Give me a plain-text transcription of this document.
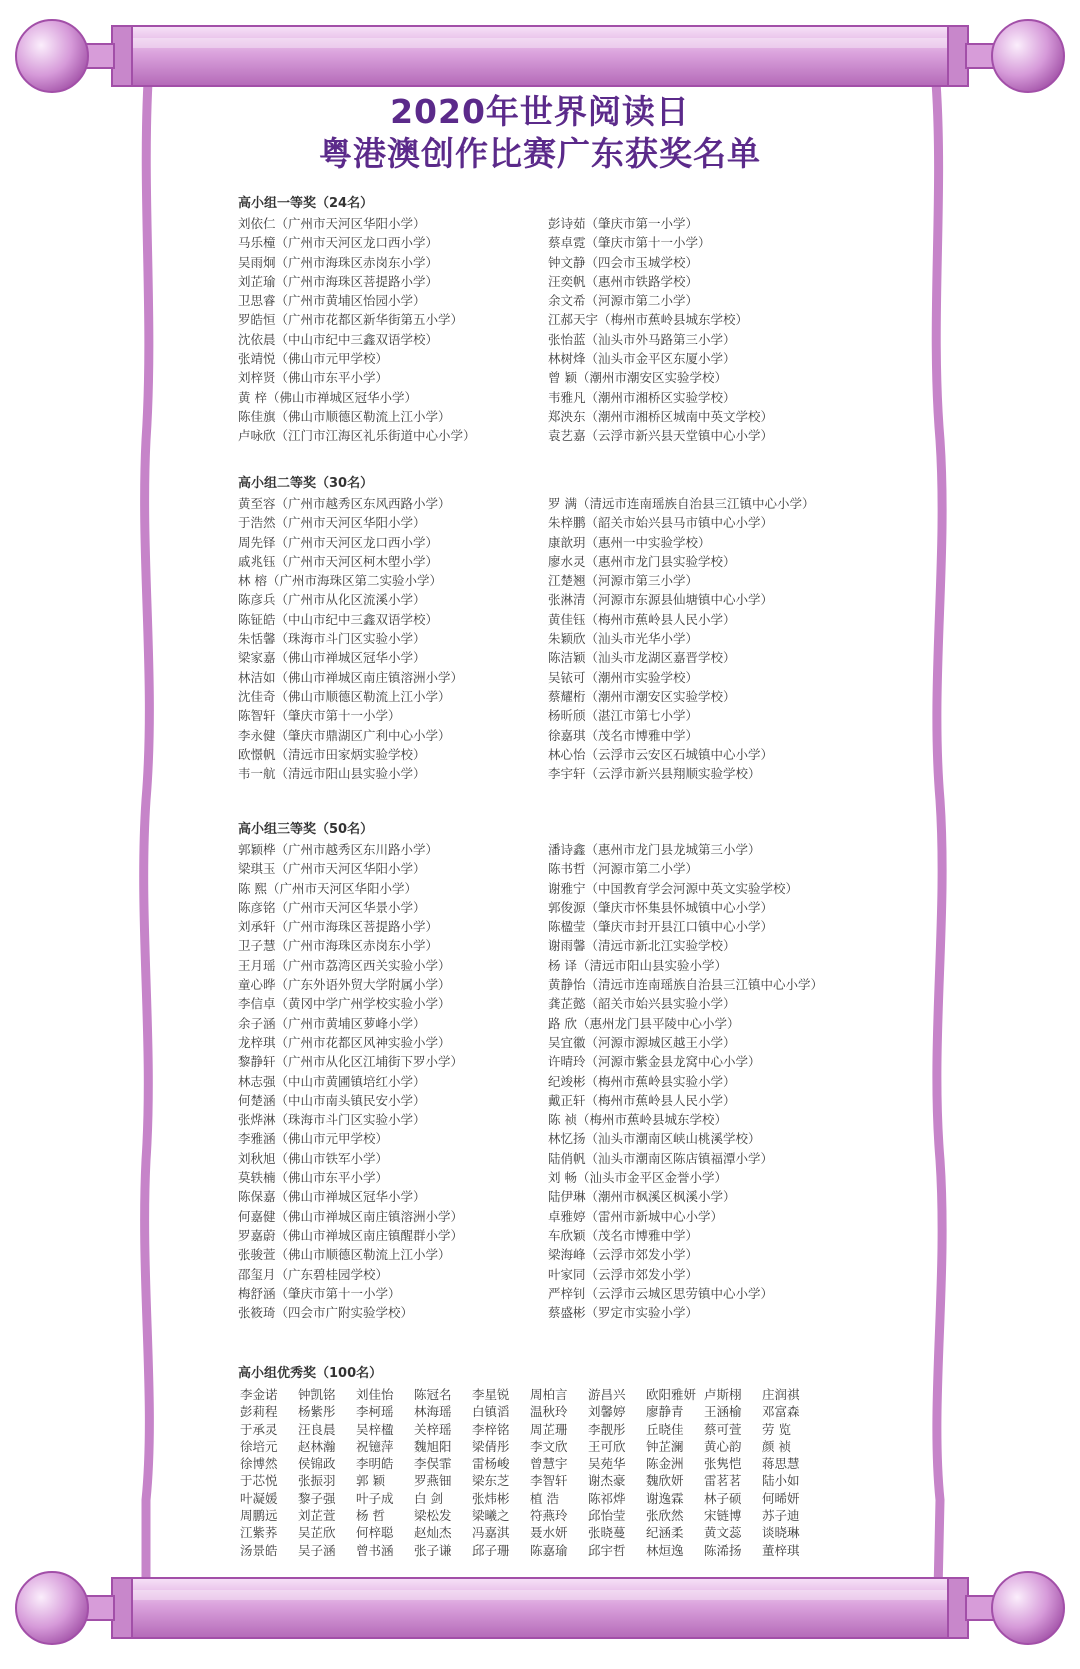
2020年世界阅读日
粤港澳创作比赛广东获奖名单
高小组一等奖（24名）
刘依仁（广州市天河区华阳小学）
马乐橦（广州市天河区龙口西小学）
吴雨炯（广州市海珠区赤岗东小学）
刘芷瑜（广州市海珠区菩提路小学）
卫思睿（广州市黄埔区怡园小学）
罗皓恒（广州市花都区新华街第五小学）
沈依晨（中山市纪中三鑫双语学校）
张靖悦（佛山市元甲学校）
刘梓贤（佛山市东平小学）
黄 梓（佛山市禅城区冠华小学）
陈佳旗（佛山市顺德区勒流上江小学）
卢咏欣（江门市江海区礼乐街道中心小学）
彭诗茹（肇庆市第一小学）
蔡卓霓（肇庆市第十一小学）
钟文静（四会市玉城学校）
汪奕帆（惠州市铁路学校）
余文希（河源市第二小学）
江郝天宇（梅州市蕉岭县城东学校）
张怡蓝（汕头市外马路第三小学）
林树烽（汕头市金平区东厦小学）
曾 颖（潮州市潮安区实验学校）
韦雅凡（潮州市湘桥区实验学校）
郑泱东（潮州市湘桥区城南中英文学校）
袁艺嘉（云浮市新兴县天堂镇中心小学）
高小组二等奖（30名）
黄至容（广州市越秀区东风西路小学）
于浩然（广州市天河区华阳小学）
周先铎（广州市天河区龙口西小学）
戚兆钰（广州市天河区柯木塱小学）
林 榕（广州市海珠区第二实验小学）
陈彦兵（广州市从化区流溪小学）
陈钲皓（中山市纪中三鑫双语学校）
朱恬馨（珠海市斗门区实验小学）
梁家嘉（佛山市禅城区冠华小学）
林洁如（佛山市禅城区南庄镇溶洲小学）
沈佳奇（佛山市顺德区勒流上江小学）
陈智轩（肇庆市第十一小学）
李永健（肇庆市鼎湖区广利中心小学）
欧憬帆（清远市田家炳实验学校）
韦一航（清远市阳山县实验小学）
罗 满（清远市连南瑶族自治县三江镇中心小学）
朱梓鹏（韶关市始兴县马市镇中心小学）
康歆玥（惠州一中实验学校）
廖水灵（惠州市龙门县实验学校）
江楚翘（河源市第三小学）
张淋清（河源市东源县仙塘镇中心小学）
黄佳钰（梅州市蕉岭县人民小学）
朱颖欣（汕头市光华小学）
陈洁颖（汕头市龙湖区嘉晋学校）
吴铱可（潮州市实验学校）
蔡耀桁（潮州市潮安区实验学校）
杨昕颀（湛江市第七小学）
徐嘉琪（茂名市博雅中学）
林心怡（云浮市云安区石城镇中心小学）
李宇轩（云浮市新兴县翔顺实验学校）
高小组三等奖（50名）
郭颖桦（广州市越秀区东川路小学）
梁琪玉（广州市天河区华阳小学）
陈 熙（广州市天河区华阳小学）
陈彦铭（广州市天河区华景小学）
刘承轩（广州市海珠区菩提路小学）
卫子慧（广州市海珠区赤岗东小学）
王月瑶（广州市荔湾区西关实验小学）
童心晔（广东外语外贸大学附属小学）
李信卓（黄冈中学广州学校实验小学）
余子涵（广州市黄埔区萝峰小学）
龙梓琪（广州市花都区风神实验小学）
黎静轩（广州市从化区江埔街下罗小学）
林志强（中山市黄圃镇培红小学）
何楚涵（中山市南头镇民安小学）
张烨淋（珠海市斗门区实验小学）
李雅涵（佛山市元甲学校）
刘秋旭（佛山市铁军小学）
莫轶楠（佛山市东平小学）
陈保嘉（佛山市禅城区冠华小学）
何嘉健（佛山市禅城区南庄镇溶洲小学）
罗嘉蔚（佛山市禅城区南庄镇醒群小学）
张骏萱（佛山市顺德区勒流上江小学）
邵玺月（广东碧桂园学校）
梅舒涵（肇庆市第十一小学）
张筱琦（四会市广附实验学校）
潘诗鑫（惠州市龙门县龙城第三小学）
陈书哲（河源市第二小学）
谢雅宁（中国教育学会河源中英文实验学校）
郭俊源（肇庆市怀集县怀城镇中心小学）
陈楹莹（肇庆市封开县江口镇中心小学）
谢雨馨（清远市新北江实验学校）
杨 译（清远市阳山县实验小学）
黄静怡（清远市连南瑶族自治县三江镇中心小学）
龚芷懿（韶关市始兴县实验小学）
路 欣（惠州龙门县平陵中心小学）
吴宜徽（河源市源城区越王小学）
许晴玲（河源市紫金县龙窝中心小学）
纪竣彬（梅州市蕉岭县实验小学）
戴正轩（梅州市蕉岭县人民小学）
陈 祯（梅州市蕉岭县城东学校）
林忆扬（汕头市潮南区峡山桃溪学校）
陆俏帆（汕头市潮南区陈店镇福潭小学）
刘 畅（汕头市金平区金誉小学）
陆伊琳（潮州市枫溪区枫溪小学）
卓雅婷（雷州市新城中心小学）
车欣颖（茂名市博雅中学）
梁海峰（云浮市郊发小学）
叶家同（云浮市郊发小学）
严梓钊（云浮市云城区思劳镇中心小学）
蔡盛彬（罗定市实验小学）
高小组优秀奖（100名）
李金诺	钟凯铭	刘佳怡	陈冠名	李星锐	周柏言	游昌兴	欧阳雅妍 卢斯栩	庄润祺
彭莉程	杨紫彤	李柯瑶	林海瑶	白镇滔	温秋玲	刘馨婷	廖静青	王涵榆	邓富森
于承灵	汪良晨	吴梓楹	关梓瑶	李梓铭	周芷珊	李靓彤	丘晓佳	蔡可萱	劳 览
徐培元	赵林瀚	祝镱萍	魏旭阳	梁倩彤	李文欣	王可欣	钟芷澜	黄心韵	颜 祯
徐博然	侯锦政	李明皓	李俣霏	雷杨峻	曾慧宇	吴苑华	陈金洲	张隽恺	蒋思慧
于芯悦	张振羽	郭 颖	罗燕钿	梁东芝	李智轩	谢杰豪	魏欣妍	雷茗茗	陆小如
叶凝媛	黎子强	叶子成	白 剑	张炜彬	植 浩	陈祁烨	谢逸霖	林子硕	何晞妍
周鹏远	刘芷萱	杨 哲	梁松发	梁曦之	符燕玲	邱怡莹	张欣然	宋链博	苏子迪
江紫荞	吴芷欣	何梓聪	赵灿杰	冯嘉淇	聂水妍	张晓蔓	纪涵柔	黄文蕊	谈晓琳
汤景皓	吴子涵	曾书涵	张子谦	邱子珊	陈嘉瑜	邱宇哲	林烜逸	陈浠扬	董梓琪
